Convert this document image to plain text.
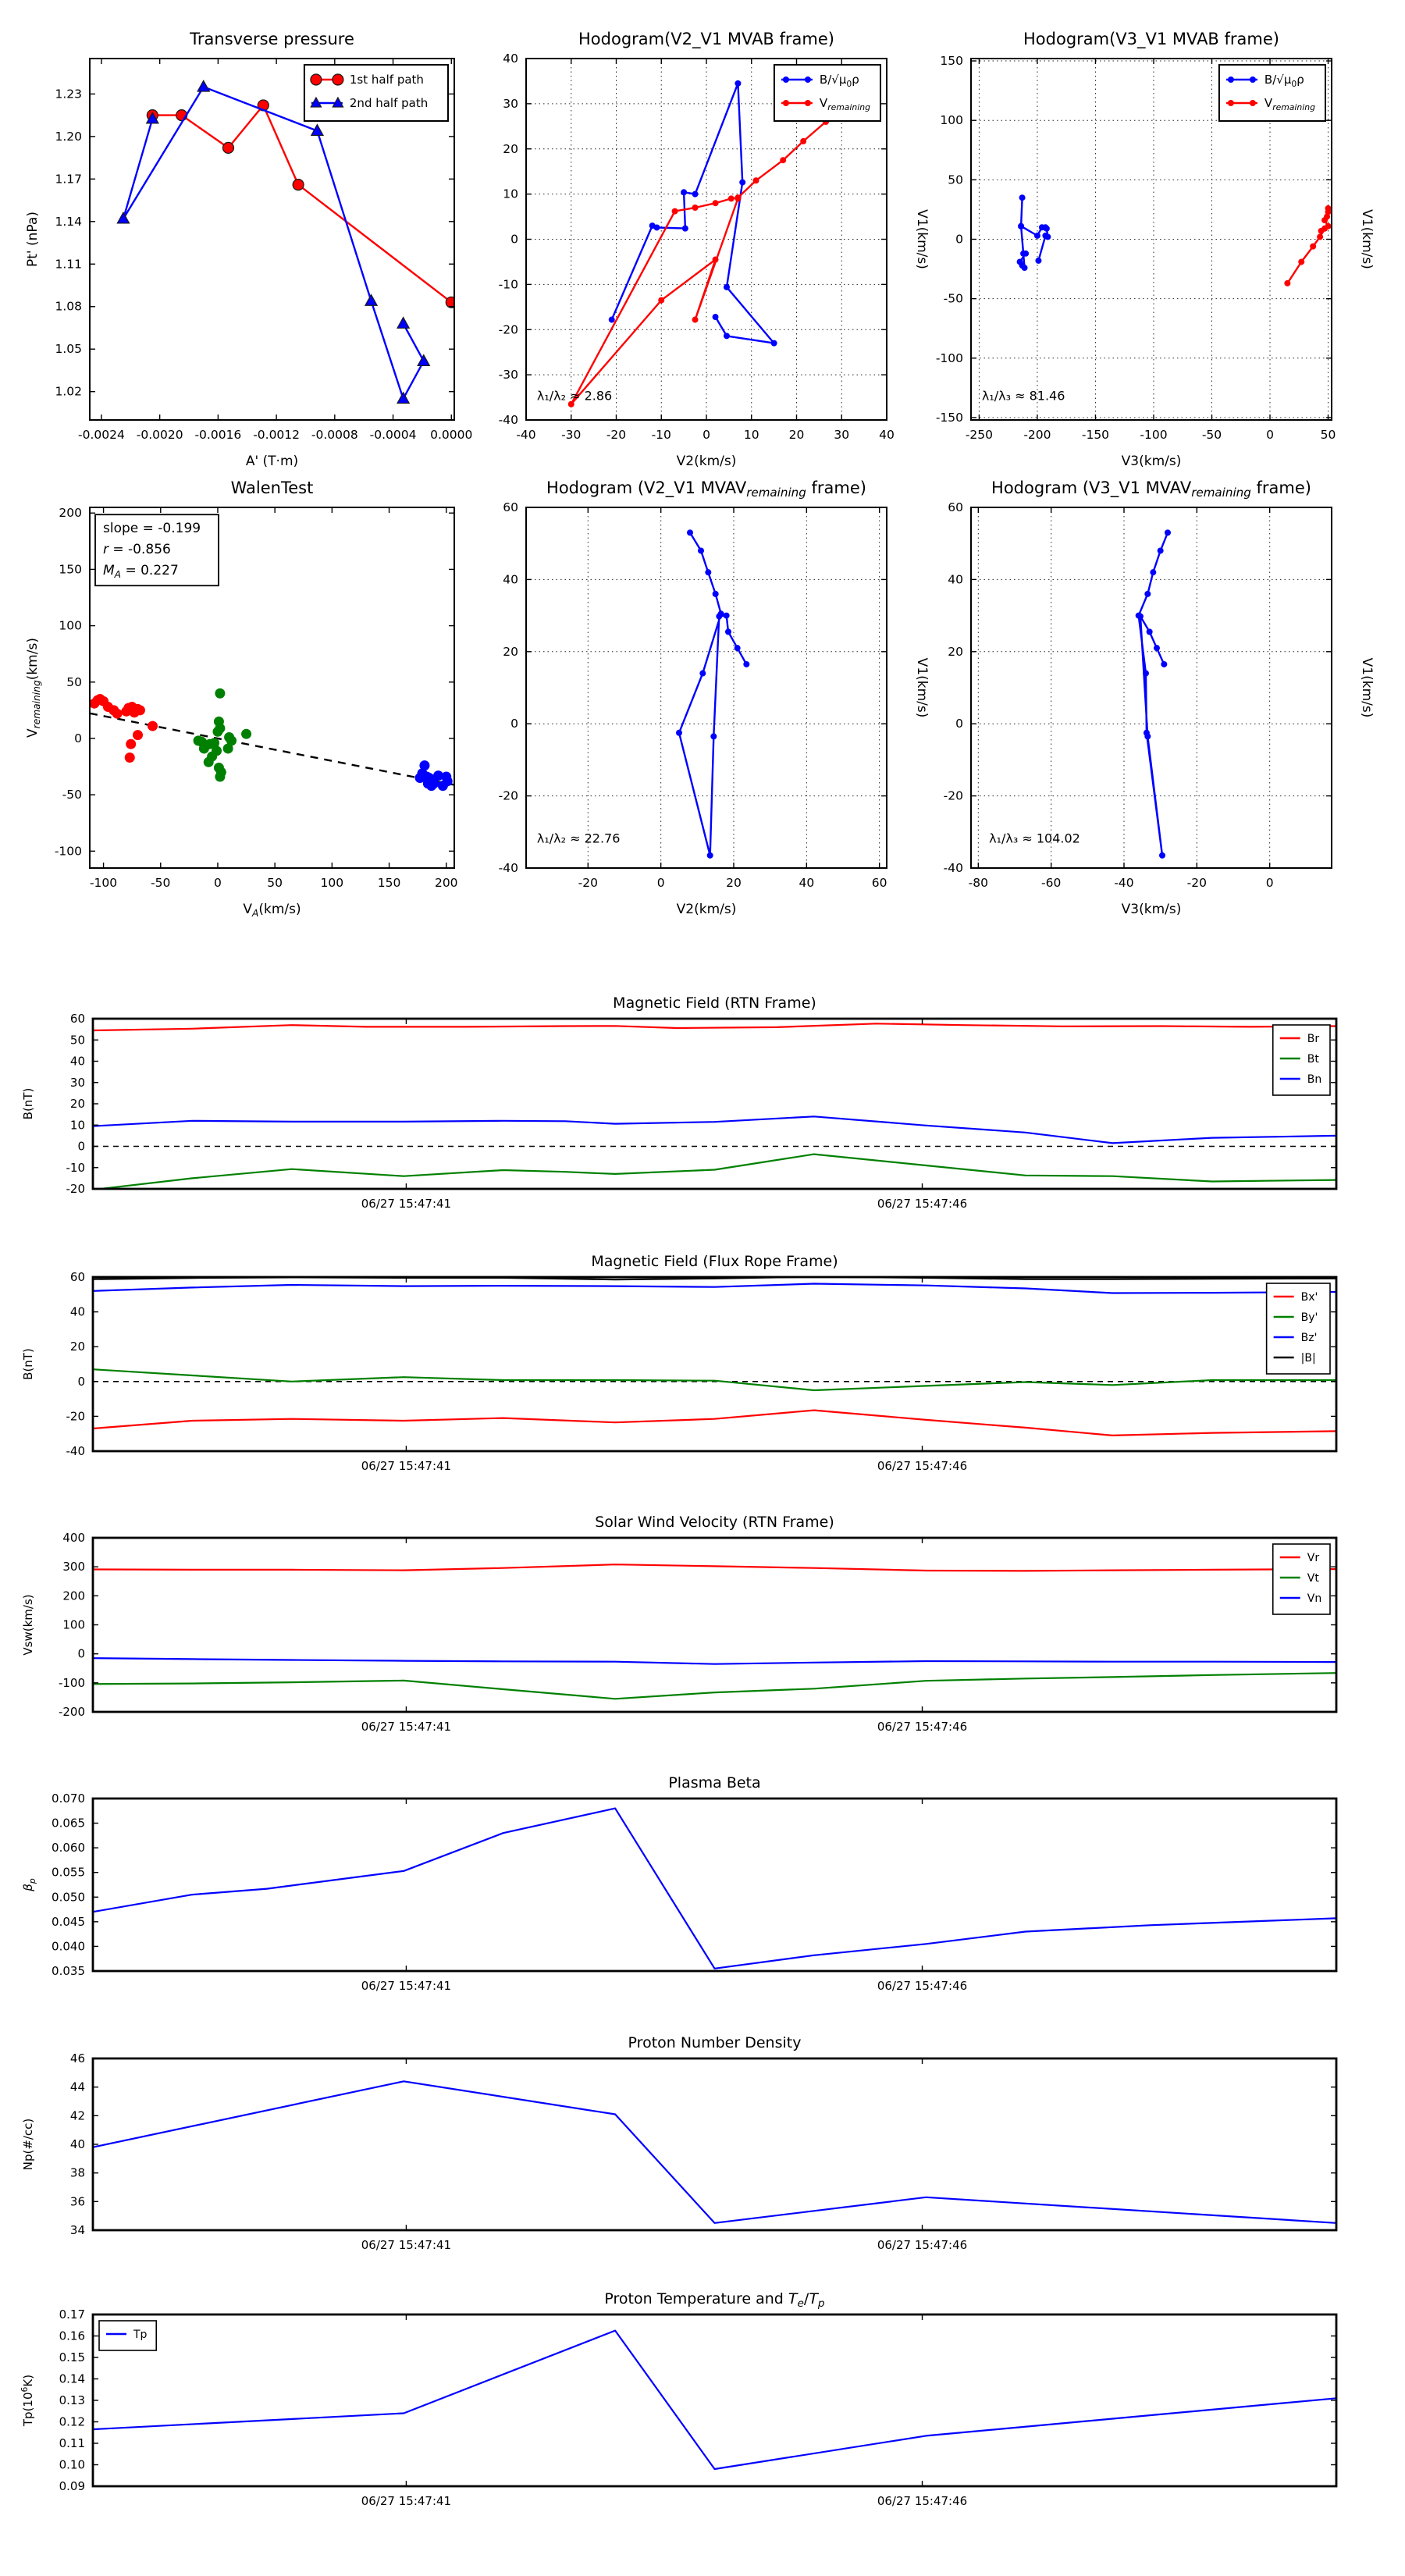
-0.0024 -0.0020 -0.0016 -0.0012 -0.0008 -0.0004 0.0000
1.02
1.05
1.08
1.11
1.14
1.17
1.20
1.23
Transverse pressure
A' (T·m)
Pt' (nPa)
1st half path
2nd half path
-40 -30 -20 -10	0	10 20 30 40
-40
-30
-20
-10
0
10
20
30
40
Hodogram(V2_V1 MVAB frame)
V2(km/s)
V1(km/s)
$B/√\mu_0\rho$
$V_{remaining}$
λ₁/λ₂ ≈ 2.86
-250	-200	-150	-100	-50	0	50
-150
-100
-50
0
50
100
150
Hodogram(V3_V1 MVAB frame)
V3(km/s)
V1(km/s)
$B/√\mu_0\rho$
$V_{remaining}$
λ₁/λ₃ ≈ 81.46
-100	-50	0	50	100	150	200
-100
-50
0
50
100
150
200
WalenTest
$V_A(km/s)$
$V_{remaining}(km/s)$
slope = -0.199
r = -0.856
$M_A = 0.227$
-20	0	20	40	60
-40
-20
0
20
40
60
Hodogram (V2_V1 MVAVremaining frame)
V2(km/s)
V1(km/s)
λ₁/λ₂ ≈ 22.76
-80	-60	-40	-20	0
-40
-20
0
20
40
60
Hodogram (V3_V1 MVAVremaining frame)
V3(km/s)
V1(km/s)
λ₁/λ₃ ≈ 104.02
06/27 15:47:41	06/27 15:47:46
-20
-10
0
10
20
30
40
50
60
Magnetic Field (RTN Frame)
B(nT)
Br
Bt
Bn
06/27 15:47:41	06/27 15:47:46
-40
-20
0
20
40
60
Magnetic Field (Flux Rope Frame)
B(nT)
Bx'
By'
Bz'
|B|
06/27 15:47:41	06/27 15:47:46
-200
-100
0
100
200
300
400
Solar Wind Velocity (RTN Frame)
Vsw(km/s)
Vr
Vt
Vn
06/27 15:47:41	06/27 15:47:46
0.035
0.040
0.045
0.050
0.055
0.060
0.065
0.070
Plasma Beta
$\beta_p$
06/27 15:47:41	06/27 15:47:46
34
36
38
40
42
44
46
Proton Number Density
Np(#/cc)
06/27 15:47:41	06/27 15:47:46
0.09
0.10
0.11
0.12
0.13
0.14
0.15
0.16
0.17
Proton Temperature and $T_e/T_p$
$Tp(10^6K)$
Tp
